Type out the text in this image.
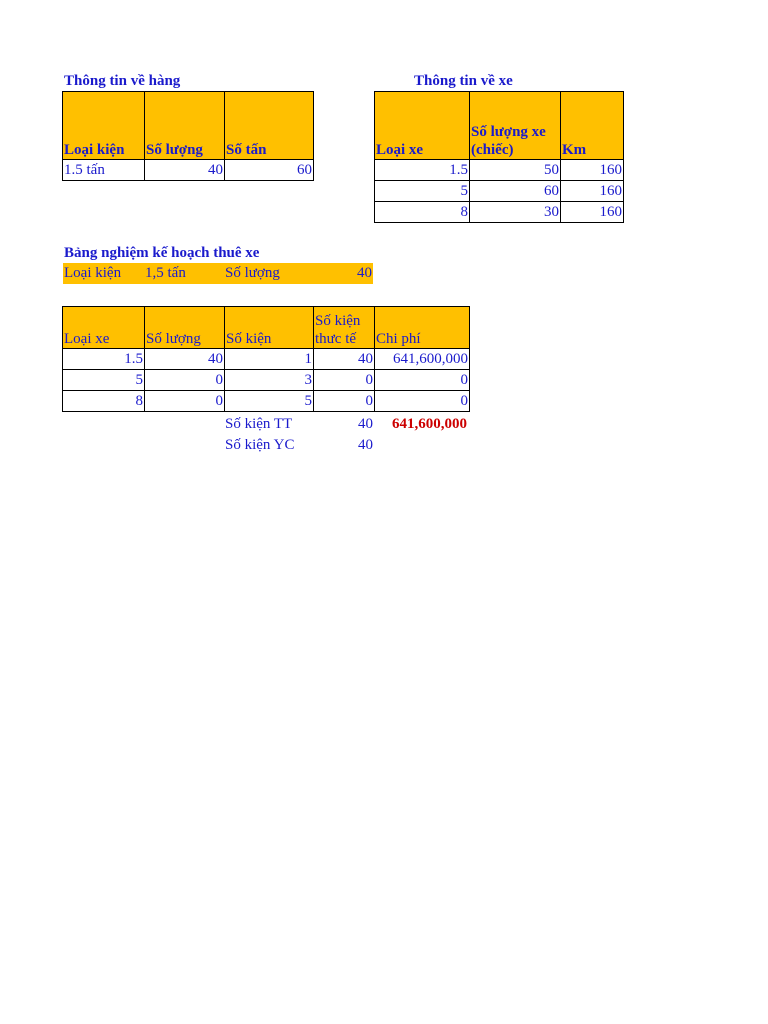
Thông tin về hàng
Loại kiện	Số lượng	Số tấn
1.5 tấn	40	60
Thông tin về xe
Loại xe	Số lượng xe (chiếc)	Km
1.5	50	160
5	60	160
8	30	160
Bảng nghiệm kế hoạch thuê xe
Loại kiện 1,5 tấn	Số lượng	40
Loại xe	Số lượng	Số kiện	Số kiện thưc tế	Chi phí
1.5	40	1	40	641,600,000
5	0	3	0	0
8	0	5	0	0
Số kiện TT	40	641,600,000
Số kiện YC	40
